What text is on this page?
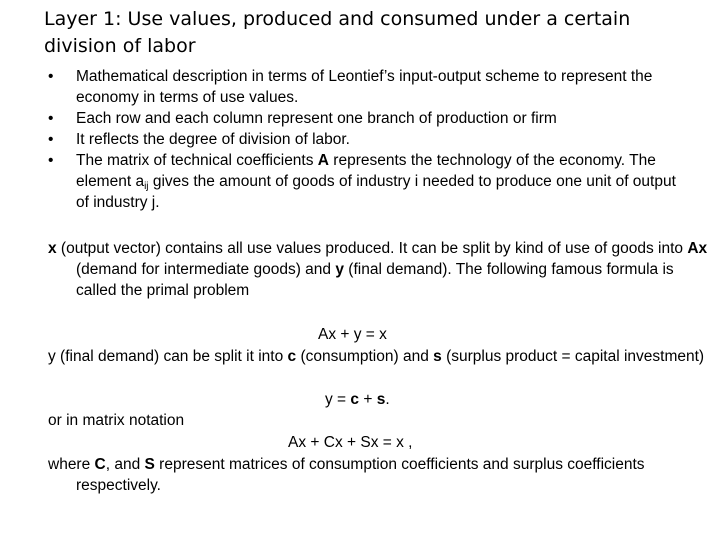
Layer 1: Use values, produced and consumed under a certain division of labor
• Mathematical description in terms of Leontief’s input-output scheme to represent the economy in terms of use values.
• Each row and each column represent one branch of production or firm
• It reflects the degree of division of labor.
• The matrix of technical coefficients A represents the technology of the economy. The element $a_{ij}$ gives the amount of goods of industry i needed to produce one unit of output of industry j.

x (output vector) contains all use values produced. It can be split by kind of use of goods into Ax (demand for intermediate goods) and y (final demand). The following famous formula is called the primal problem

Ax + y = x

y (final demand) can be split it into c (consumption) and s (surplus product = capital investment)

y = c + s.

or in matrix notation

Ax + Cx + Sx = x ,

where C, and S represent matrices of consumption coefficients and surplus coefficients respectively.
